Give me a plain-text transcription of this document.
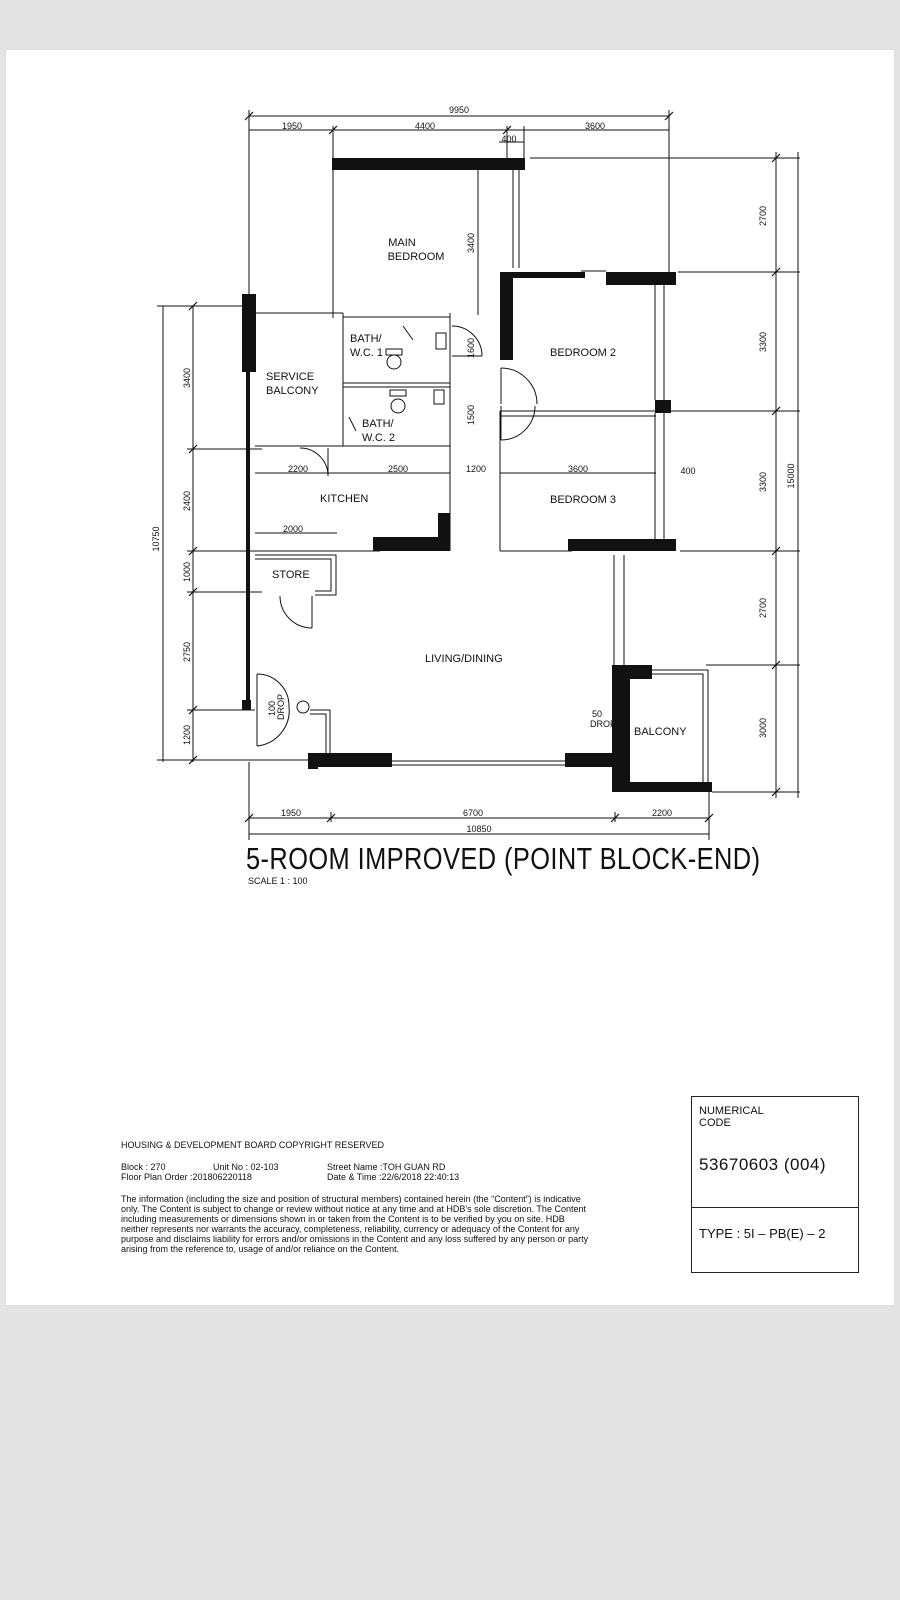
9950
1950	4400	3600
400
3400
1600
1500
2200	2500	1200	3600	400
2000
2700
3300
3300
2700
3000
15000
10750
3400
2400
1000
2750
1200
1950	6700	2200
10850
MAIN
BEDROOM
BATH/
W.C. 1
BATH/
W.C. 2
SERVICE
BALCONY
KITCHEN
STORE
BEDROOM 2
BEDROOM 3
LIVING/DINING
BALCONY
100 DROP	50
DROP
5-ROOM IMPROVED (POINT BLOCK-END)
SCALE 1 : 100
HOUSING & DEVELOPMENT BOARD COPYRIGHT RESERVED
Block : 270	Unit No : 02-103	Street Name :TOH GUAN RD
Floor Plan Order :201806220118	Date & Time :22/6/2018 22:40:13
The information (including the size and position of structural members) contained herein (the “Content”) is indicative only. The Content is subject to change or review without notice at any time and at HDB's sole discretion. The Content including measurements or dimensions shown in or taken from the Content is to be verified by you on site. HDB neither represents nor warrants the accuracy, completeness, reliability, currency or adequacy of the Content for any purpose and disclaims liability for errors and/or omissions in the Content and any loss suffered by any person or party arising from the reference to, usage of and/or reliance on the Content.
NUMERICAL CODE
53670603 (004)
TYPE : 5I – PB(E) – 2
